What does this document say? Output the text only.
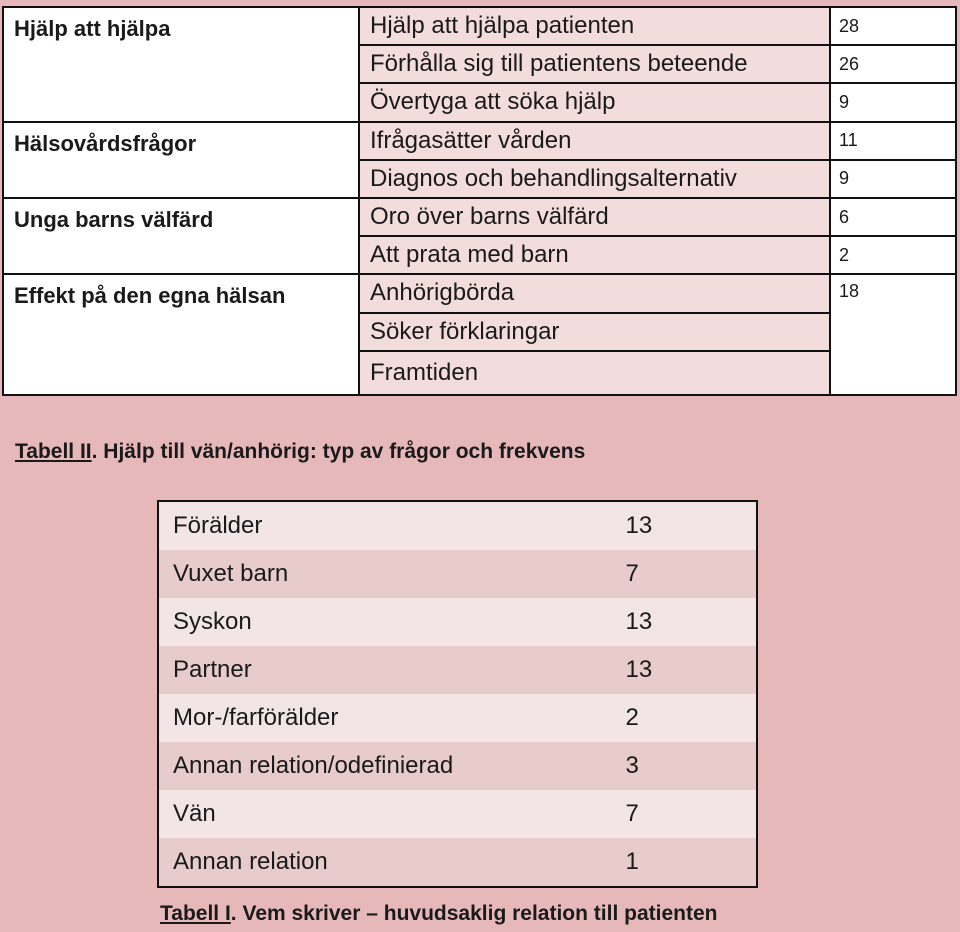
Hjälp att hjälpa	Hjälp att hjälpa patienten	28
	Förhålla sig till patientens beteende	26
	Övertyga att söka hjälp	9
Hälsovårdsfrågor	Ifrågasätter vården	11
	Diagnos och behandlingsalternativ	9
Unga barns välfärd	Oro över barns välfärd	6
	Att prata med barn	2
Effekt på den egna hälsan	Anhörigbörda	18
	Söker förklaringar	
	Framtiden	
Tabell II. Hjälp till vän/anhörig: typ av frågor och frekvens
Förälder	13
Vuxet barn	7
Syskon	13
Partner	13
Mor-/farförälder	2
Annan relation/odefinierad	3
Vän	7
Annan relation	1
Tabell I. Vem skriver – huvudsaklig relation till patienten
